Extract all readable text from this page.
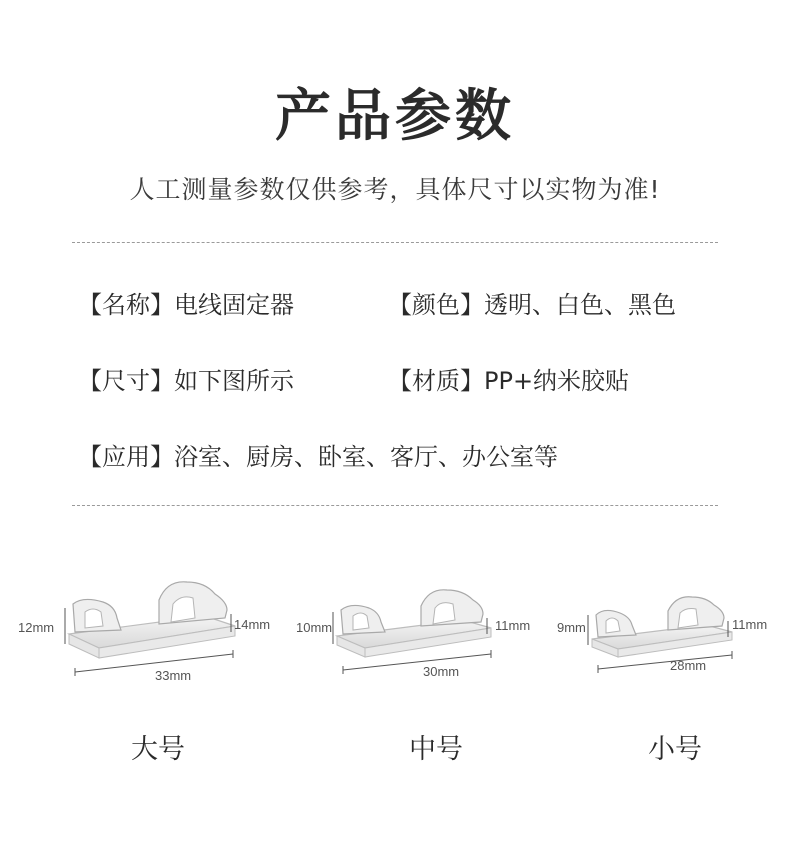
产品参数
人工测量参数仅供参考，具体尺寸以实物为准!
【名称】电线固定器	【颜色】透明、白色、黑色
【尺寸】如下图所示	【材质】PP+纳米胶贴
【应用】浴室、厨房、卧室、客厅、办公室等
12mm	14mm
33mm
10mm	11mm
30mm
9mm	11mm
28mm
大号	中号	小号
